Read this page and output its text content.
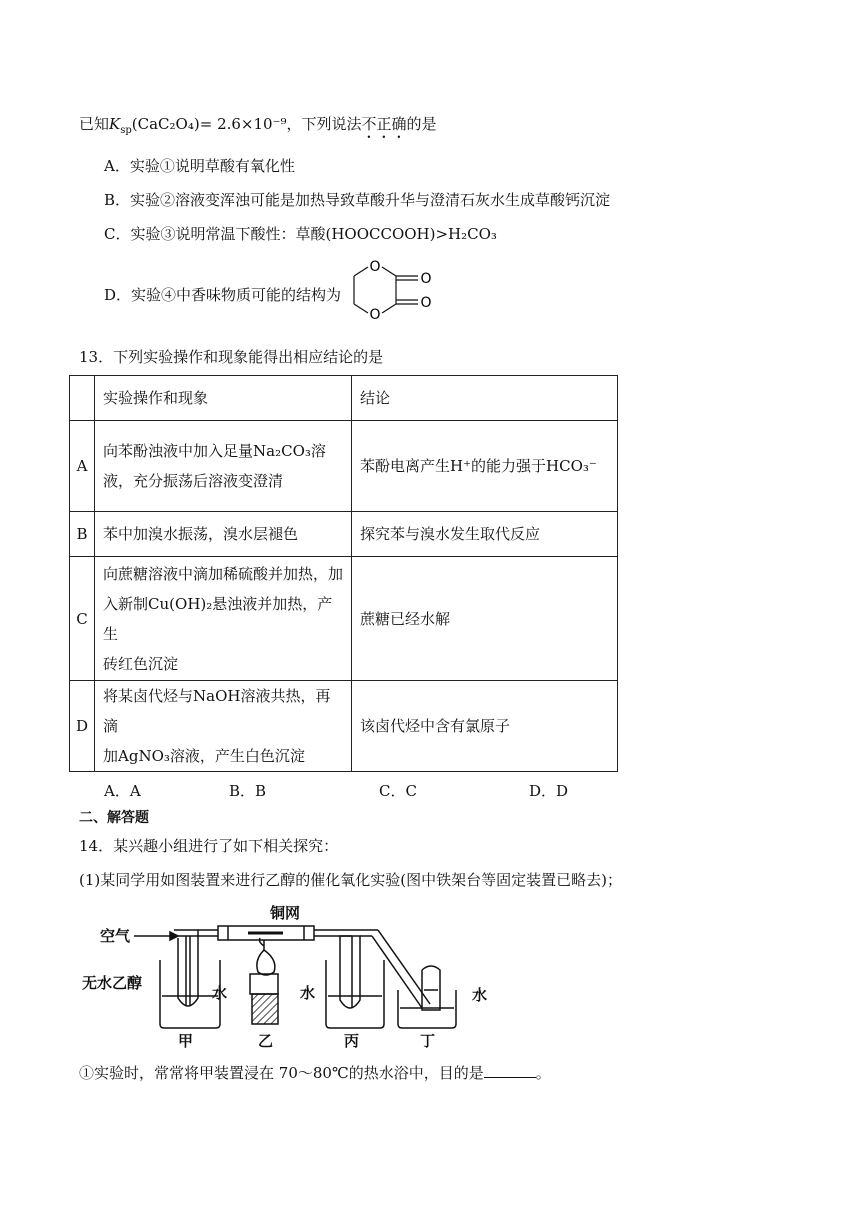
已知$K_{sp}(CaC_2O_4)= 2.6\times 10^{-9}$，下列说法不正确的是
A．实验①说明草酸有氧化性
B．实验②溶液变浑浊可能是加热导致草酸升华与澄清石灰水生成草酸钙沉淀
C．实验③说明常温下酸性：草酸(HOOCCOOH)>H₂CO₃
D．实验④中香味物质可能的结构为
O
O
O
O
13．下列实验操作和现象能得出相应结论的是
	实验操作和现象	结论
A	向苯酚浊液中加入足量Na₂CO₃溶
液，充分振荡后溶液变澄清	苯酚电离产生H⁺的能力强于HCO₃⁻
B	苯中加溴水振荡，溴水层褪色	探究苯与溴水发生取代反应
C	向蔗糖溶液中滴加稀硫酸并加热，加
入新制Cu(OH)₂悬浊液并加热，产生
砖红色沉淀	蔗糖已经水解
D	将某卤代烃与NaOH溶液共热，再滴
加AgNO₃溶液，产生白色沉淀	该卤代烃中含有氯原子
A．A	B．B	C．C	D．D
二、解答题
14．某兴趣小组进行了如下相关探究：
(1)某同学用如图装置来进行乙醇的催化氧化实验(图中铁架台等固定装置已略去)；
空气
铜网
无水乙醇
水	水	水
甲	乙	丙	丁
①实验时，常常将甲装置浸在 70～80℃的热水浴中，目的是	。
